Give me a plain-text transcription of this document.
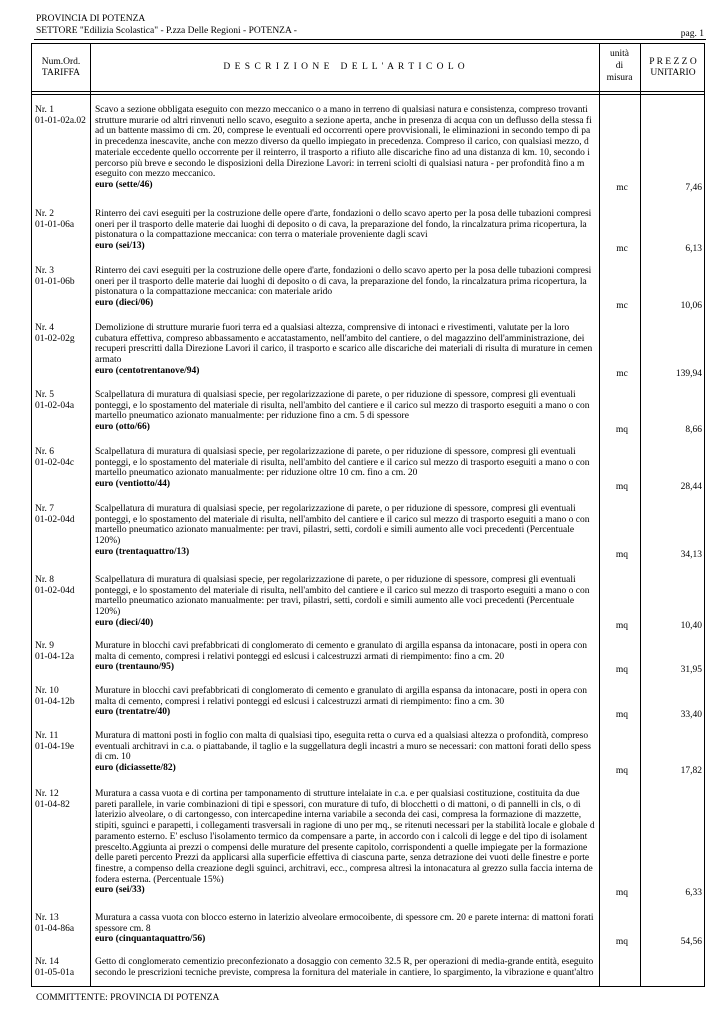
PROVINCIA DI POTENZA
SETTORE "Edilizia Scolastica" - P.zza Delle Regioni - POTENZA -	pag. 1
Num.Ord.
TARIFFA
D E S C R I Z I O N E   D E L L ' A R T I C O L O
unità
di
misura
P R E Z Z O
UNITARIO
Nr. 1
01-01-02a.02
Scavo a sezione obbligata eseguito con mezzo meccanico o a mano in terreno di qualsiasi natura e consistenza, compreso trovanti
strutture murarie od altri rinvenuti nello scavo, eseguito a sezione aperta, anche in presenza di acqua con un deflusso della stessa fi
ad un battente massimo di cm. 20, comprese le eventuali ed occorrenti opere provvisionali, le eliminazioni in secondo tempo di pa
in precedenza inescavite, anche con mezzo diverso da quello impiegato in precedenza. Compreso il carico, con qualsiasi mezzo, d
materiale eccedente quello occorrente per il reinterro, il trasporto a rifiuto alle discariche fino ad una distanza di km. 10, secondo i
percorso più breve e secondo le disposizioni della Direzione Lavori: in terreni sciolti di qualsiasi natura - per profondità fino a m
eseguito con mezzo meccanico.
euro (sette/46)	mc	7,46
Nr. 2
01-01-06a
Rinterro dei cavi eseguiti per la costruzione delle opere d'arte, fondazioni o dello scavo aperto per la posa delle tubazioni compresi
oneri per il trasporto delle materie dai luoghi di deposito o di cava, la preparazione del fondo, la rincalzatura prima ricopertura, la
pistonatura o la compattazione meccanica: con terra o materiale proveniente dagli scavi
euro (sei/13)	mc	6,13
Nr. 3
01-01-06b
Rinterro dei cavi eseguiti per la costruzione delle opere d'arte, fondazioni o dello scavo aperto per la posa delle tubazioni compresi
oneri per il trasporto delle materie dai luoghi di deposito o di cava, la preparazione del fondo, la rincalzatura prima ricopertura, la
pistonatura o la compattazione meccanica: con materiale arido
euro (dieci/06)	mc	10,06
Nr. 4
01-02-02g
Demolizione di strutture murarie fuori terra ed a qualsiasi altezza, comprensive di intonaci e rivestimenti, valutate per la loro
cubatura effettiva, compreso abbassamento e accatastamento, nell'ambito del cantiere, o del magazzino dell'amministrazione, dei
recuperi prescritti dalla Direzione Lavori il carico, il trasporto e scarico alle discariche dei materiali di risulta di murature in cemen
armato
euro (centotrentanove/94)	mc	139,94
Nr. 5
01-02-04a
Scalpellatura di muratura di qualsiasi specie, per regolarizzazione di parete, o per riduzione di spessore, compresi gli eventuali
ponteggi, e lo spostamento del materiale di risulta, nell'ambito del cantiere e il carico sul mezzo di trasporto eseguiti a mano o con
martello pneumatico azionato manualmente: per riduzione fino a cm. 5 di spessore
euro (otto/66)	mq	8,66
Nr. 6
01-02-04c
Scalpellatura di muratura di qualsiasi specie, per regolarizzazione di parete, o per riduzione di spessore, compresi gli eventuali
ponteggi, e lo spostamento del materiale di risulta, nell'ambito del cantiere e il carico sul mezzo di trasporto eseguiti a mano o con
martello pneumatico azionato manualmente: per riduzione oltre 10 cm. fino a cm. 20
euro (ventiotto/44)	mq	28,44
Nr. 7
01-02-04d
Scalpellatura di muratura di qualsiasi specie, per regolarizzazione di parete, o per riduzione di spessore, compresi gli eventuali
ponteggi, e lo spostamento del materiale di risulta, nell'ambito del cantiere e il carico sul mezzo di trasporto eseguiti a mano o con
martello pneumatico azionato manualmente: per travi, pilastri, setti, cordoli e simili aumento alle voci precedenti (Percentuale
120%)
euro (trentaquattro/13)	mq	34,13
Nr. 8
01-02-04d
Scalpellatura di muratura di qualsiasi specie, per regolarizzazione di parete, o per riduzione di spessore, compresi gli eventuali
ponteggi, e lo spostamento del materiale di risulta, nell'ambito del cantiere e il carico sul mezzo di trasporto eseguiti a mano o con
martello pneumatico azionato manualmente: per travi, pilastri, setti, cordoli e simili aumento alle voci precedenti (Percentuale
120%)
euro (dieci/40)	mq	10,40
Nr. 9
01-04-12a
Murature in blocchi cavi prefabbricati di conglomerato di cemento e granulato di argilla espansa da intonacare, posti in opera con
malta di cemento, compresi i relativi ponteggi ed eslcusi i calcestruzzi armati di riempimento: fino a cm. 20
euro (trentauno/95)	mq	31,95
Nr. 10
01-04-12b
Murature in blocchi cavi prefabbricati di conglomerato di cemento e granulato di argilla espansa da intonacare, posti in opera con
malta di cemento, compresi i relativi ponteggi ed eslcusi i calcestruzzi armati di riempimento: fino a cm. 30
euro (trentatre/40)	mq	33,40
Nr. 11
01-04-19e
Muratura di mattoni posti in foglio con malta di qualsiasi tipo, eseguita retta o curva ed a qualsiasi altezza o profondità, compreso
eventuali architravi in c.a. o piattabande, il taglio e la suggellatura degli incastri a muro se necessari: con mattoni forati dello spess
di cm. 10
euro (diciassette/82)	mq	17,82
Nr. 12
01-04-82
Muratura a cassa vuota e di cortina per tamponamento di strutture intelaiate in c.a. e per qualsiasi costituzione, costituita da due
pareti parallele, in varie combinazioni di tipi e spessori, con murature di tufo, di blocchetti o di mattoni, o di pannelli in cls, o di
laterizio alveolare, o di cartongesso, con intercapedine interna variabile a seconda dei casi, compresa la formazione di mazzette,
stipiti, sguinci e parapetti, i collegamenti trasversali in ragione di uno per mq., se ritenuti necessari per la stabilità locale e globale d
paramento esterno. E' escluso l'isolamento termico da compensare a parte, in accordo con i calcoli di legge e del tipo di isolament
prescelto.Aggiunta ai prezzi o compensi delle murature del presente capitolo, corrispondenti a quelle impiegate per la formazione
delle pareti percento Prezzi da applicarsi alla superficie effettiva di ciascuna parte, senza detrazione dei vuoti delle finestre e porte
finestre, a compenso della creazione degli sguinci, architravi, ecc., compresa altresì la intonacatura al grezzo sulla faccia interna de
fodera esterna. (Percentuale 15%)
euro (sei/33)	mq	6,33
Nr. 13
01-04-86a
Muratura a cassa vuota con blocco esterno in laterizio alveolare ermocoibente, di spessore cm. 20 e parete interna: di mattoni forati
spessore cm. 8
euro (cinquantaquattro/56)	mq	54,56
Nr. 14
01-05-01a
Getto di conglomerato cementizio preconfezionato a dosaggio con cemento 32.5 R, per operazioni di media-grande entità, eseguito
secondo le prescrizioni tecniche previste, compresa la fornitura del materiale in cantiere, lo spargimento, la vibrazione e quant'altro
COMMITTENTE: PROVINCIA DI POTENZA
